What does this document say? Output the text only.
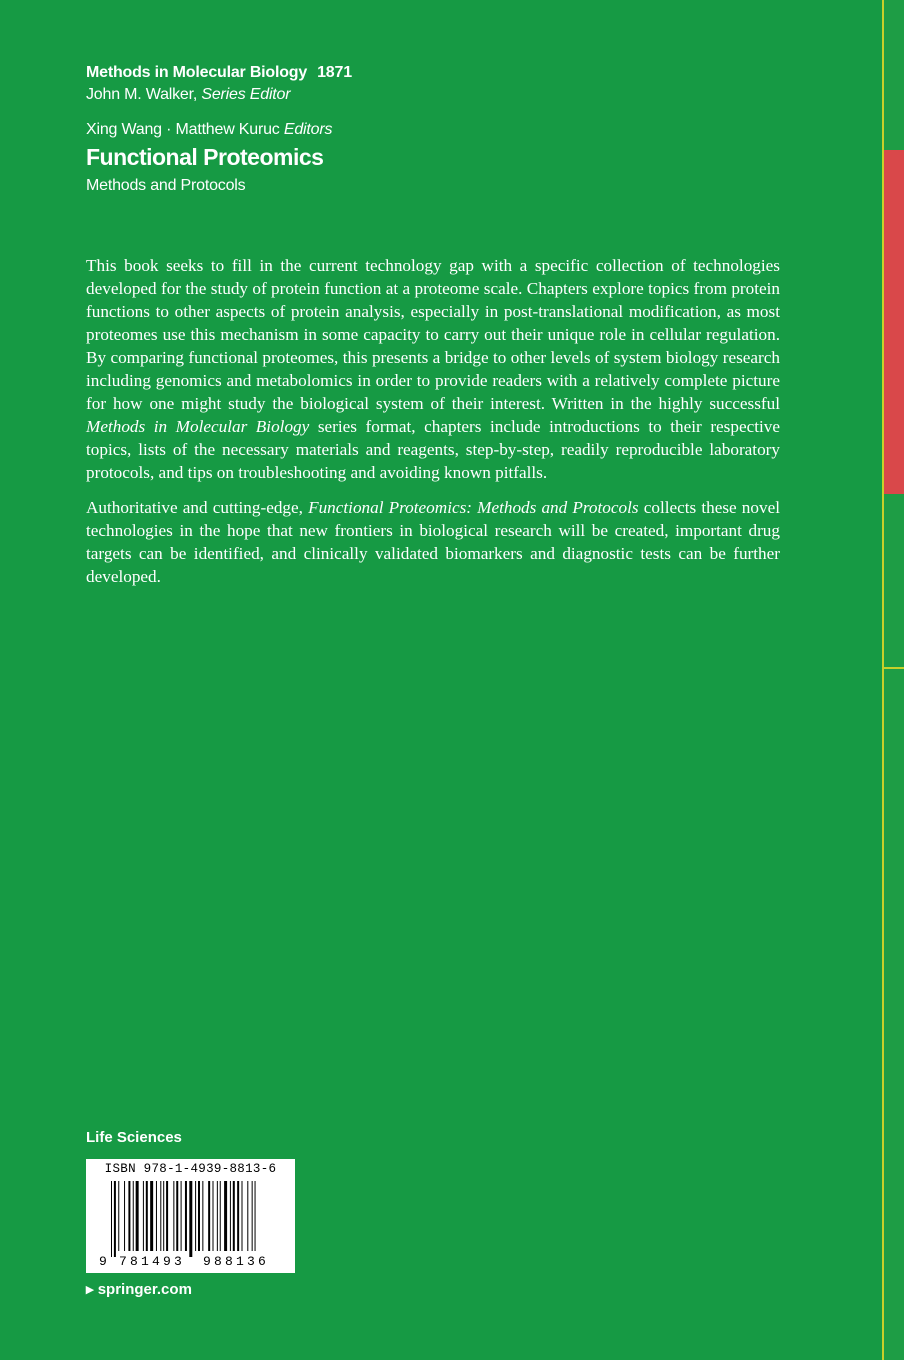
Methods in Molecular Biology 1871
John M. Walker, Series Editor
Xing Wang · Matthew Kuruc Editors
Functional Proteomics
Methods and Protocols

This book seeks to fill in the current technology gap with a specific collection of technologies developed for the study of protein function at a proteome scale. Chapters explore topics from protein functions to other aspects of protein analysis, especially in post-translational modification, as most proteomes use this mechanism in some capacity to carry out their unique role in cellular regulation. By comparing functional proteomes, this presents a bridge to other levels of system biology research including genomics and metabolomics in order to provide readers with a relatively complete picture for how one might study the biological system of their interest. Written in the highly successful Methods in Molecular Biology series format, chapters include introductions to their respective topics, lists of the necessary materials and reagents, step-by-step, readily reproducible laboratory protocols, and tips on troubleshooting and avoiding known pitfalls.

Authoritative and cutting-edge, Functional Proteomics: Methods and Protocols collects these novel technologies in the hope that new frontiers in biological research will be created, important drug targets can be identified, and clinically validated biomarkers and diagnostic tests can be further developed.

Life Sciences
ISBN 978-1-4939-8813-6
9 781493 988136
▸ springer.com
